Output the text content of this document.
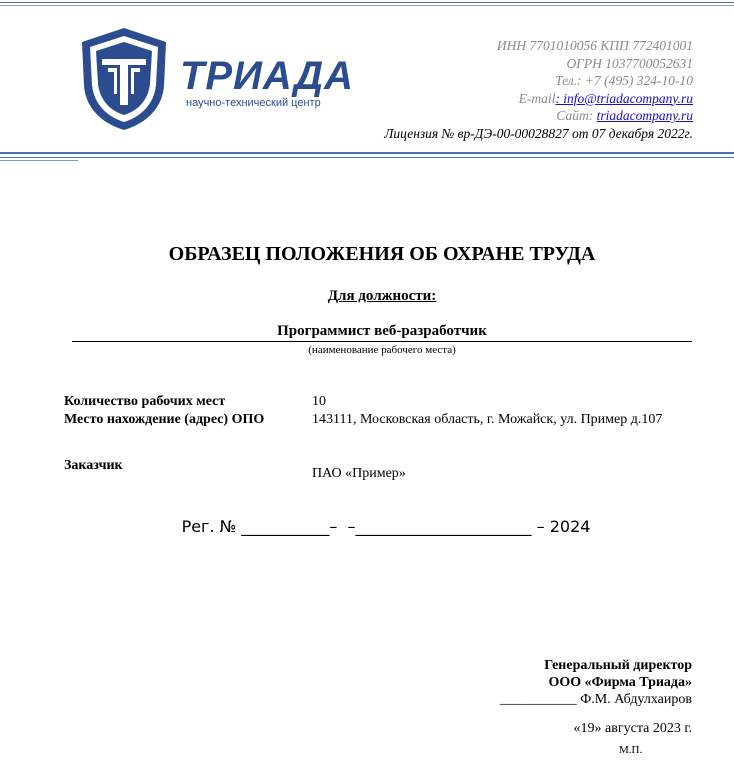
ТРИАДА
научно-технический центр
ИНН 7701010056 КПП 772401001
ОГРН 1037700052631
Тел.: +7 (495) 324-10-10
E-mail: info@triadacompany.ru
Сайт: triadacompany.ru
Лицензия № вр-ДЭ-00-00028827 от 07 декабря 2022г.
ОБРАЗЕЦ ПОЛОЖЕНИЯ ОБ ОХРАНЕ ТРУДА
Для должности:
Программист веб-разработчик
(наименование рабочего места)
Количество рабочих мест	10
Место нахождение (адрес) ОПО	143111, Московская область, г. Можайск, ул. Пример д.107
Заказчик
ПАО «Пример»
Рег. № ___________–  –______________________ – 2024
Генеральный директор
ООО «Фирма Триада»
___________ Ф.М. Абдулхаиров
«19» августа 2023 г.
М.П.
